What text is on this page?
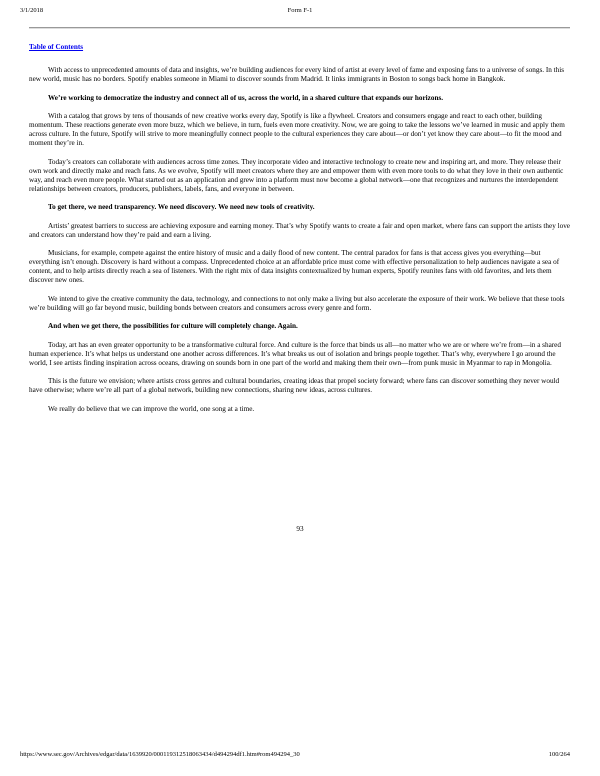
3/1/2018	Form F-1
Table of Contents

With access to unprecedented amounts of data and insights, we’re building audiences for every kind of artist at every level of fame and exposing fans to a universe of songs. In this new world, music has no borders. Spotify enables someone in Miami to discover sounds from Madrid. It links immigrants in Boston to songs back home in Bangkok.

We’re working to democratize the industry and connect all of us, across the world, in a shared culture that expands our horizons.

With a catalog that grows by tens of thousands of new creative works every day, Spotify is like a flywheel. Creators and consumers engage and react to each other, building momentum. These reactions generate even more buzz, which we believe, in turn, fuels even more creativity. Now, we are going to take the lessons we’ve learned in music and apply them across culture. In the future, Spotify will strive to more meaningfully connect people to the cultural experiences they care about—or don’t yet know they care about—to fit the mood and moment they’re in.

Today’s creators can collaborate with audiences across time zones. They incorporate video and interactive technology to create new and inspiring art, and more. They release their own work and directly make and reach fans. As we evolve, Spotify will meet creators where they are and empower them with even more tools to do what they love in their own authentic way, and reach even more people. What started out as an application and grew into a platform must now become a global network—one that recognizes and nurtures the interdependent relationships between creators, producers, publishers, labels, fans, and everyone in between.

To get there, we need transparency. We need discovery. We need new tools of creativity.

Artists’ greatest barriers to success are achieving exposure and earning money. That’s why Spotify wants to create a fair and open market, where fans can support the artists they love and creators can understand how they’re paid and earn a living.

Musicians, for example, compete against the entire history of music and a daily flood of new content. The central paradox for fans is that access gives you everything—but everything isn’t enough. Discovery is hard without a compass. Unprecedented choice at an affordable price must come with effective personalization to help audiences navigate a sea of content, and to help artists directly reach a sea of listeners. With the right mix of data insights contextualized by human experts, Spotify reunites fans with old favorites, and lets them discover new ones.

We intend to give the creative community the data, technology, and connections to not only make a living but also accelerate the exposure of their work. We believe that these tools we’re building will go far beyond music, building bonds between creators and consumers across every genre and form.

And when we get there, the possibilities for culture will completely change. Again.

Today, art has an even greater opportunity to be a transformative cultural force. And culture is the force that binds us all—no matter who we are or where we’re from—in a shared human experience. It’s what helps us understand one another across differences. It’s what breaks us out of isolation and brings people together. That’s why, everywhere I go around the world, I see artists finding inspiration across oceans, drawing on sounds born in one part of the world and making them their own—from punk music in Myanmar to rap in Mongolia.

This is the future we envision; where artists cross genres and cultural boundaries, creating ideas that propel society forward; where fans can discover something they never would have otherwise; where we’re all part of a global network, building new connections, sharing new ideas, across cultures.

We really do believe that we can improve the world, one song at a time.

93
https://www.sec.gov/Archives/edgar/data/1639920/000119312518063434/d494294df1.htm#rom494294_30	100/264
